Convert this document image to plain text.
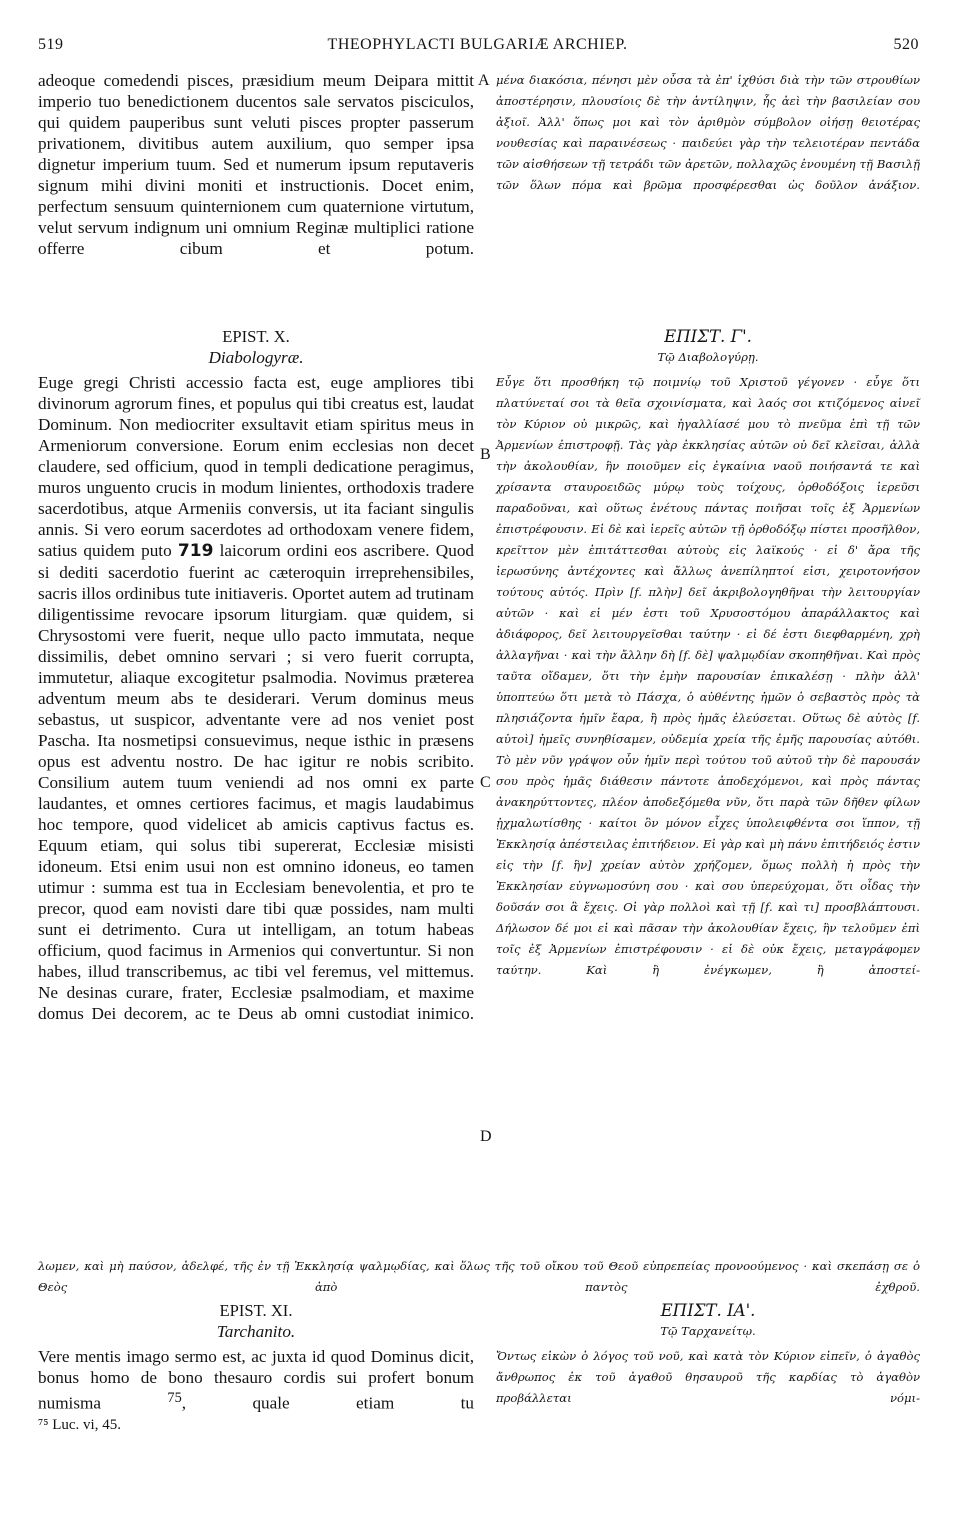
519	THEOPHYLACTI BULGARIÆ ARCHIEP.	520
A
B
C
D
adeoque comedendi pisces, præsidium meum Deipara mittit imperio tuo benedictionem ducentos sale servatos pisciculos, qui quidem pauperibus sunt veluti pisces propter passerum privationem, divitibus autem auxilium, quo semper ipsa dignetur imperium tuum. Sed et numerum ipsum reputaveris signum mihi divini moniti et instructionis. Docet enim, perfectum sensuum quinternionem cum quaternione virtutum, velut servum indignum uni omnium Reginæ multiplici ratione offerre cibum et potum.
EPIST. X.
Diabologyræ.
Euge gregi Christi accessio facta est, euge ampliores tibi divinorum agrorum fines, et populus qui tibi creatus est, laudat Dominum. Non mediocriter exsultavit etiam spiritus meus in Armeniorum conversione. Eorum enim ecclesias non decet claudere, sed officium, quod in templi dedicatione peragimus, muros unguento crucis in modum linientes, orthodoxis tradere sacerdotibus, atque Armeniis conversis, ut ita faciant singulis annis. Si vero eorum sacerdotes ad orthodoxam venere fidem, satius quidem puto 719 laicorum ordini eos ascribere. Quod si dediti sacerdotio fuerint ac cæteroquin irreprehensibiles, sacris illos ordinibus tute initiaveris. Oportet autem ad trutinam diligentissime revocare ipsorum liturgiam. quæ quidem, si Chrysostomi vere fuerit, neque ullo pacto immutata, neque dissimilis, debet omnino servari ; si vero fuerit corrupta, immutetur, aliaque excogitetur psalmodia. Novimus præterea adventum meum abs te desiderari. Verum dominus meus sebastus, ut suspicor, adventante vere ad nos veniet post Pascha. Ita nosmetipsi consuevimus, neque isthic in præsens opus est adventu nostro. De hac igitur re nobis scribito. Consilium autem tuum veniendi ad nos omni ex parte laudantes, et omnes certiores facimus, et magis laudabimus hoc tempore, quod videlicet ab amicis captivus factus es. Equum etiam, qui solus tibi supererat, Ecclesiæ misisti idoneum. Etsi enim usui non est omnino idoneus, eo tamen utimur : summa est tua in Ecclesiam benevolentia, et pro te precor, quod eam novisti dare tibi quæ possides, nam multi sunt ei detrimento. Cura ut intelligam, an totum habeas officium, quod facimus in Armenios qui convertuntur. Si non habes, illud transcribemus, ac tibi vel feremus, vel mittemus. Ne desinas curare, frater, Ecclesiæ psalmodiam, et maxime domus Dei decorem, ac te Deus ab omni custodiat inimico.
μένα διακόσια, πένησι μὲν οὖσα τὰ ἐπ' ἰχθύσι διὰ τὴν τῶν στρουθίων ἀποστέρησιν, πλουσίοις δὲ τὴν ἀντίληψιν, ἧς ἀεὶ τὴν βασιλείαν σου ἀξιοῖ. Ἀλλ' ὅπως μοι καὶ τὸν ἀριθμὸν σύμβολον οἰήσῃ θειοτέρας νουθεσίας καὶ παραινέσεως · παιδεύει γὰρ τὴν τελειοτέραν πεντάδα τῶν αἰσθήσεων τῇ τετράδι τῶν ἀρετῶν, πολλαχῶς ἑνουμένη τῇ Βασιλῇ τῶν ὅλων πόμα καὶ βρῶμα προσφέρεσθαι ὡς δοῦλον ἀνάξιον.
ΕΠΙΣΤ. Γ'.
Τῷ Διαβολογύρῃ.
Εὖγε ὅτι προσθήκη τῷ ποιμνίῳ τοῦ Χριστοῦ γέγονεν · εὖγε ὅτι πλατύνεταί σοι τὰ θεῖα σχοινίσματα, καὶ λαός σοι κτιζόμενος αἰνεῖ τὸν Κύριον οὐ μικρῶς, καὶ ἠγαλλίασέ μου τὸ πνεῦμα ἐπὶ τῇ τῶν Ἀρμενίων ἐπιστροφῇ. Τὰς γὰρ ἐκκλησίας αὐτῶν οὐ δεῖ κλεῖσαι, ἀλλὰ τὴν ἀκολουθίαν, ἣν ποιοῦμεν εἰς ἐγκαίνια ναοῦ ποιήσαντά τε καὶ χρίσαντα σταυροειδῶς μύρῳ τοὺς τοίχους, ὀρθοδόξοις ἱερεῦσι παραδοῦναι, καὶ οὕτως ἐνέτους πάντας ποιῆσαι τοῖς ἐξ Ἀρμενίων ἐπιστρέφουσιν. Εἰ δὲ καὶ ἱερεῖς αὐτῶν τῇ ὀρθοδόξῳ πίστει προσῆλθον, κρεῖττον μὲν ἐπιτάττεσθαι αὐτοὺς εἰς λαϊκούς · εἰ δ' ἄρα τῆς ἱερωσύνης ἀντέχοντες καὶ ἄλλως ἀνεπίληπτοί εἰσι, χειροτονήσον τούτους αὐτός. Πρὶν [f. πλὴν] δεῖ ἀκριβολογηθῆναι τὴν λειτουργίαν αὐτῶν · καὶ εἰ μέν ἐστι τοῦ Χρυσοστόμου ἀπαράλλακτος καὶ ἀδιάφορος, δεῖ λειτουργεῖσθαι ταύτην · εἰ δέ ἐστι διεφθαρμένη, χρὴ ἀλλαγῆναι · καὶ τὴν ἄλλην δὴ [f. δὲ] ψαλμῳδίαν σκοπηθῆναι. Καὶ πρὸς ταῦτα οἴδαμεν, ὅτι τὴν ἐμὴν παρουσίαν ἐπικαλέσῃ · πλὴν ἀλλ' ὑποπτεύω ὅτι μετὰ τὸ Πάσχα, ὁ αὐθέντης ἡμῶν ὁ σεβαστὸς πρὸς τὰ πλησιάζοντα ἡμῖν ἔαρα, ἢ πρὸς ἡμᾶς ἐλεύσεται. Οὕτως δὲ αὐτὸς [f. αὐτοὶ] ἡμεῖς συνηθίσαμεν, οὐδεμία χρεία τῆς ἐμῆς παρουσίας αὐτόθι. Τὸ μὲν νῦν γράψον οὖν ἡμῖν περὶ τούτου τοῦ αὐτοῦ τὴν δὲ παρουσάν σου πρὸς ἡμᾶς διάθεσιν πάντοτε ἀποδεχόμενοι, καὶ πρὸς πάντας ἀνακηρύττοντες, πλέον ἀποδεξόμεθα νῦν, ὅτι παρὰ τῶν δῆθεν φίλων ᾐχμαλωτίσθης · καίτοι ὃν μόνον εἶχες ὑπολειφθέντα σοι ἵππον, τῇ Ἐκκλησίᾳ ἀπέστειλας ἐπιτήδειον. Εἰ γὰρ καὶ μὴ πάνυ ἐπιτήδειός ἐστιν εἰς τὴν [f. ἣν] χρείαν αὐτὸν χρήζομεν, ὅμως πολλὴ ἡ πρὸς τὴν Ἐκκλησίαν εὐγνωμοσύνη σου · καὶ σου ὑπερεύχομαι, ὅτι οἶδας τὴν δοῦσάν σοι ἃ ἔχεις. Οἱ γὰρ πολλοὶ καὶ τῇ [f. καὶ τι] προσβλάπτουσι. Δήλωσον δέ μοι εἰ καὶ πᾶσαν τὴν ἀκολουθίαν ἔχεις, ἣν τελοῦμεν ἐπὶ τοῖς ἐξ Ἀρμενίων ἐπιστρέφουσιν · εἰ δὲ οὐκ ἔχεις, μεταγράφομεν ταύτην. Καὶ ἢ ἐνέγκωμεν, ἢ ἀποστεί-
λωμεν, καὶ μὴ παύσον, ἀδελφέ, τῆς ἐν τῇ Ἐκκλησίᾳ ψαλμῳδίας, καὶ ὅλως τῆς τοῦ οἴκου τοῦ Θεοῦ εὐπρεπείας προνοούμενος · καὶ σκεπάσῃ σε ὁ Θεὸς ἀπὸ παντὸς ἐχθροῦ.
EPIST. XI.
Tarchanito.
Vere mentis imago sermo est, ac juxta id quod Dominus dicit, bonus homo de bono thesauro cordis sui profert bonum numisma	$^{75}$, quale etiam tu
ΕΠΙΣΤ. ΙΑ'.
Τῷ Ταρχανείτῳ.
Ὄντως εἰκὼν ὁ λόγος τοῦ νοῦ, καὶ κατὰ τὸν Κύριον εἰπεῖν, ὁ ἀγαθὸς ἄνθρωπος ἐκ τοῦ ἀγαθοῦ θησαυροῦ τῆς καρδίας τὸ ἀγαθὸν προβάλλεται νόμι-
⁷⁵ Luc. vi, 45.
